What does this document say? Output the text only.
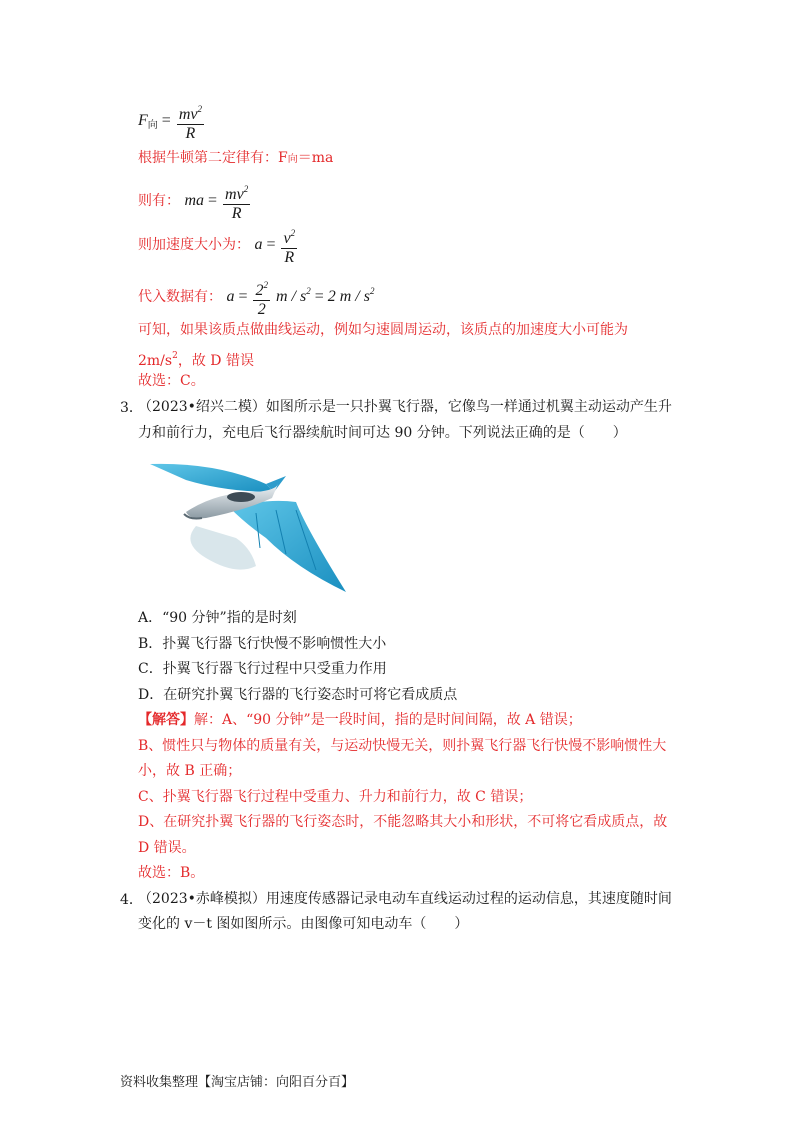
$F_向 = \frac{mv^2}{R}$
根据牛顿第二定律有：F向＝ma
则有： ma = $\frac{mv^2}{R}$
则加速度大小为： $a = \frac{v^2}{R}$
代入数据有： $a = \frac{2^2}{2}$ $m / s^2 = 2$ m / $s^2$
可知，如果该质点做曲线运动，例如匀速圆周运动，该质点的加速度大小可能为
$2m/s^2$，故 D 错误
故选：C。
3．
（2023•绍兴二模）如图所示是一只扑翼飞行器，它像鸟一样通过机翼主动运动产生升
力和前行力，充电后飞行器续航时间可达 90 分钟。下列说法正确的是（　　）
A．“90 分钟”指的是时刻
B．扑翼飞行器飞行快慢不影响惯性大小
C．扑翼飞行器飞行过程中只受重力作用
D．在研究扑翼飞行器的飞行姿态时可将它看成质点
【解答】解：A、“90 分钟”是一段时间，指的是时间间隔，故 A 错误；
B、惯性只与物体的质量有关，与运动快慢无关，则扑翼飞行器飞行快慢不影响惯性大
小，故 B 正确；
C、扑翼飞行器飞行过程中受重力、升力和前行力，故 C 错误；
D、在研究扑翼飞行器的飞行姿态时，不能忽略其大小和形状，不可将它看成质点，故
D 错误。
故选：B。
4．
（2023•赤峰模拟）用速度传感器记录电动车直线运动过程的运动信息，其速度随时间
变化的 v－t 图如图所示。由图像可知电动车（　　）
资料收集整理【淘宝店铺：向阳百分百】
